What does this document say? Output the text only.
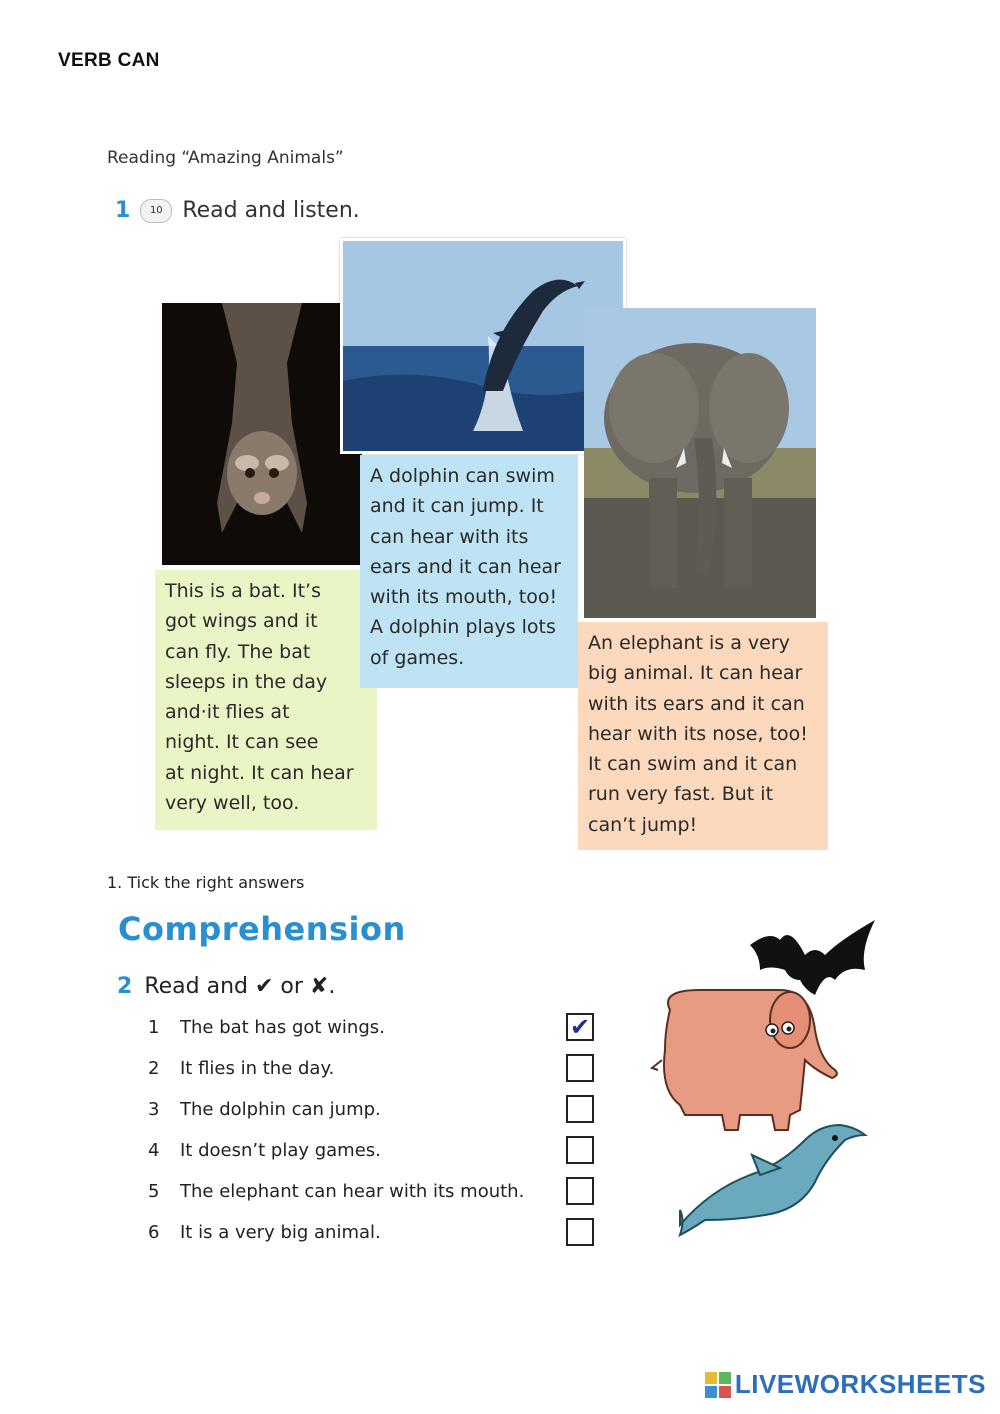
VERB CAN
Reading “Amazing Animals”
1	10 Read and listen.
This is a bat. It’s
got wings and it
can fly. The bat
sleeps in the day
and·it flies at
night. It can see
at night. It can hear
very well, too.
A dolphin can swim
and it can jump. It
can hear with its
ears and it can hear
with its mouth, too!
A dolphin plays lots
of games.
An elephant is a very
big animal. It can hear
with its ears and it can
hear with its nose, too!
It can swim and it can
run very fast. But it
can’t jump!
1. Tick the right answers
Comprehension
2 Read and ✔ or ✘.
1	The bat has got wings.	✔
2	It flies in the day.
3	The dolphin can jump.
4	It doesn’t play games.
5	The elephant can hear with its mouth.
6	It is a very big animal.
LIVEWORKSHEETS
